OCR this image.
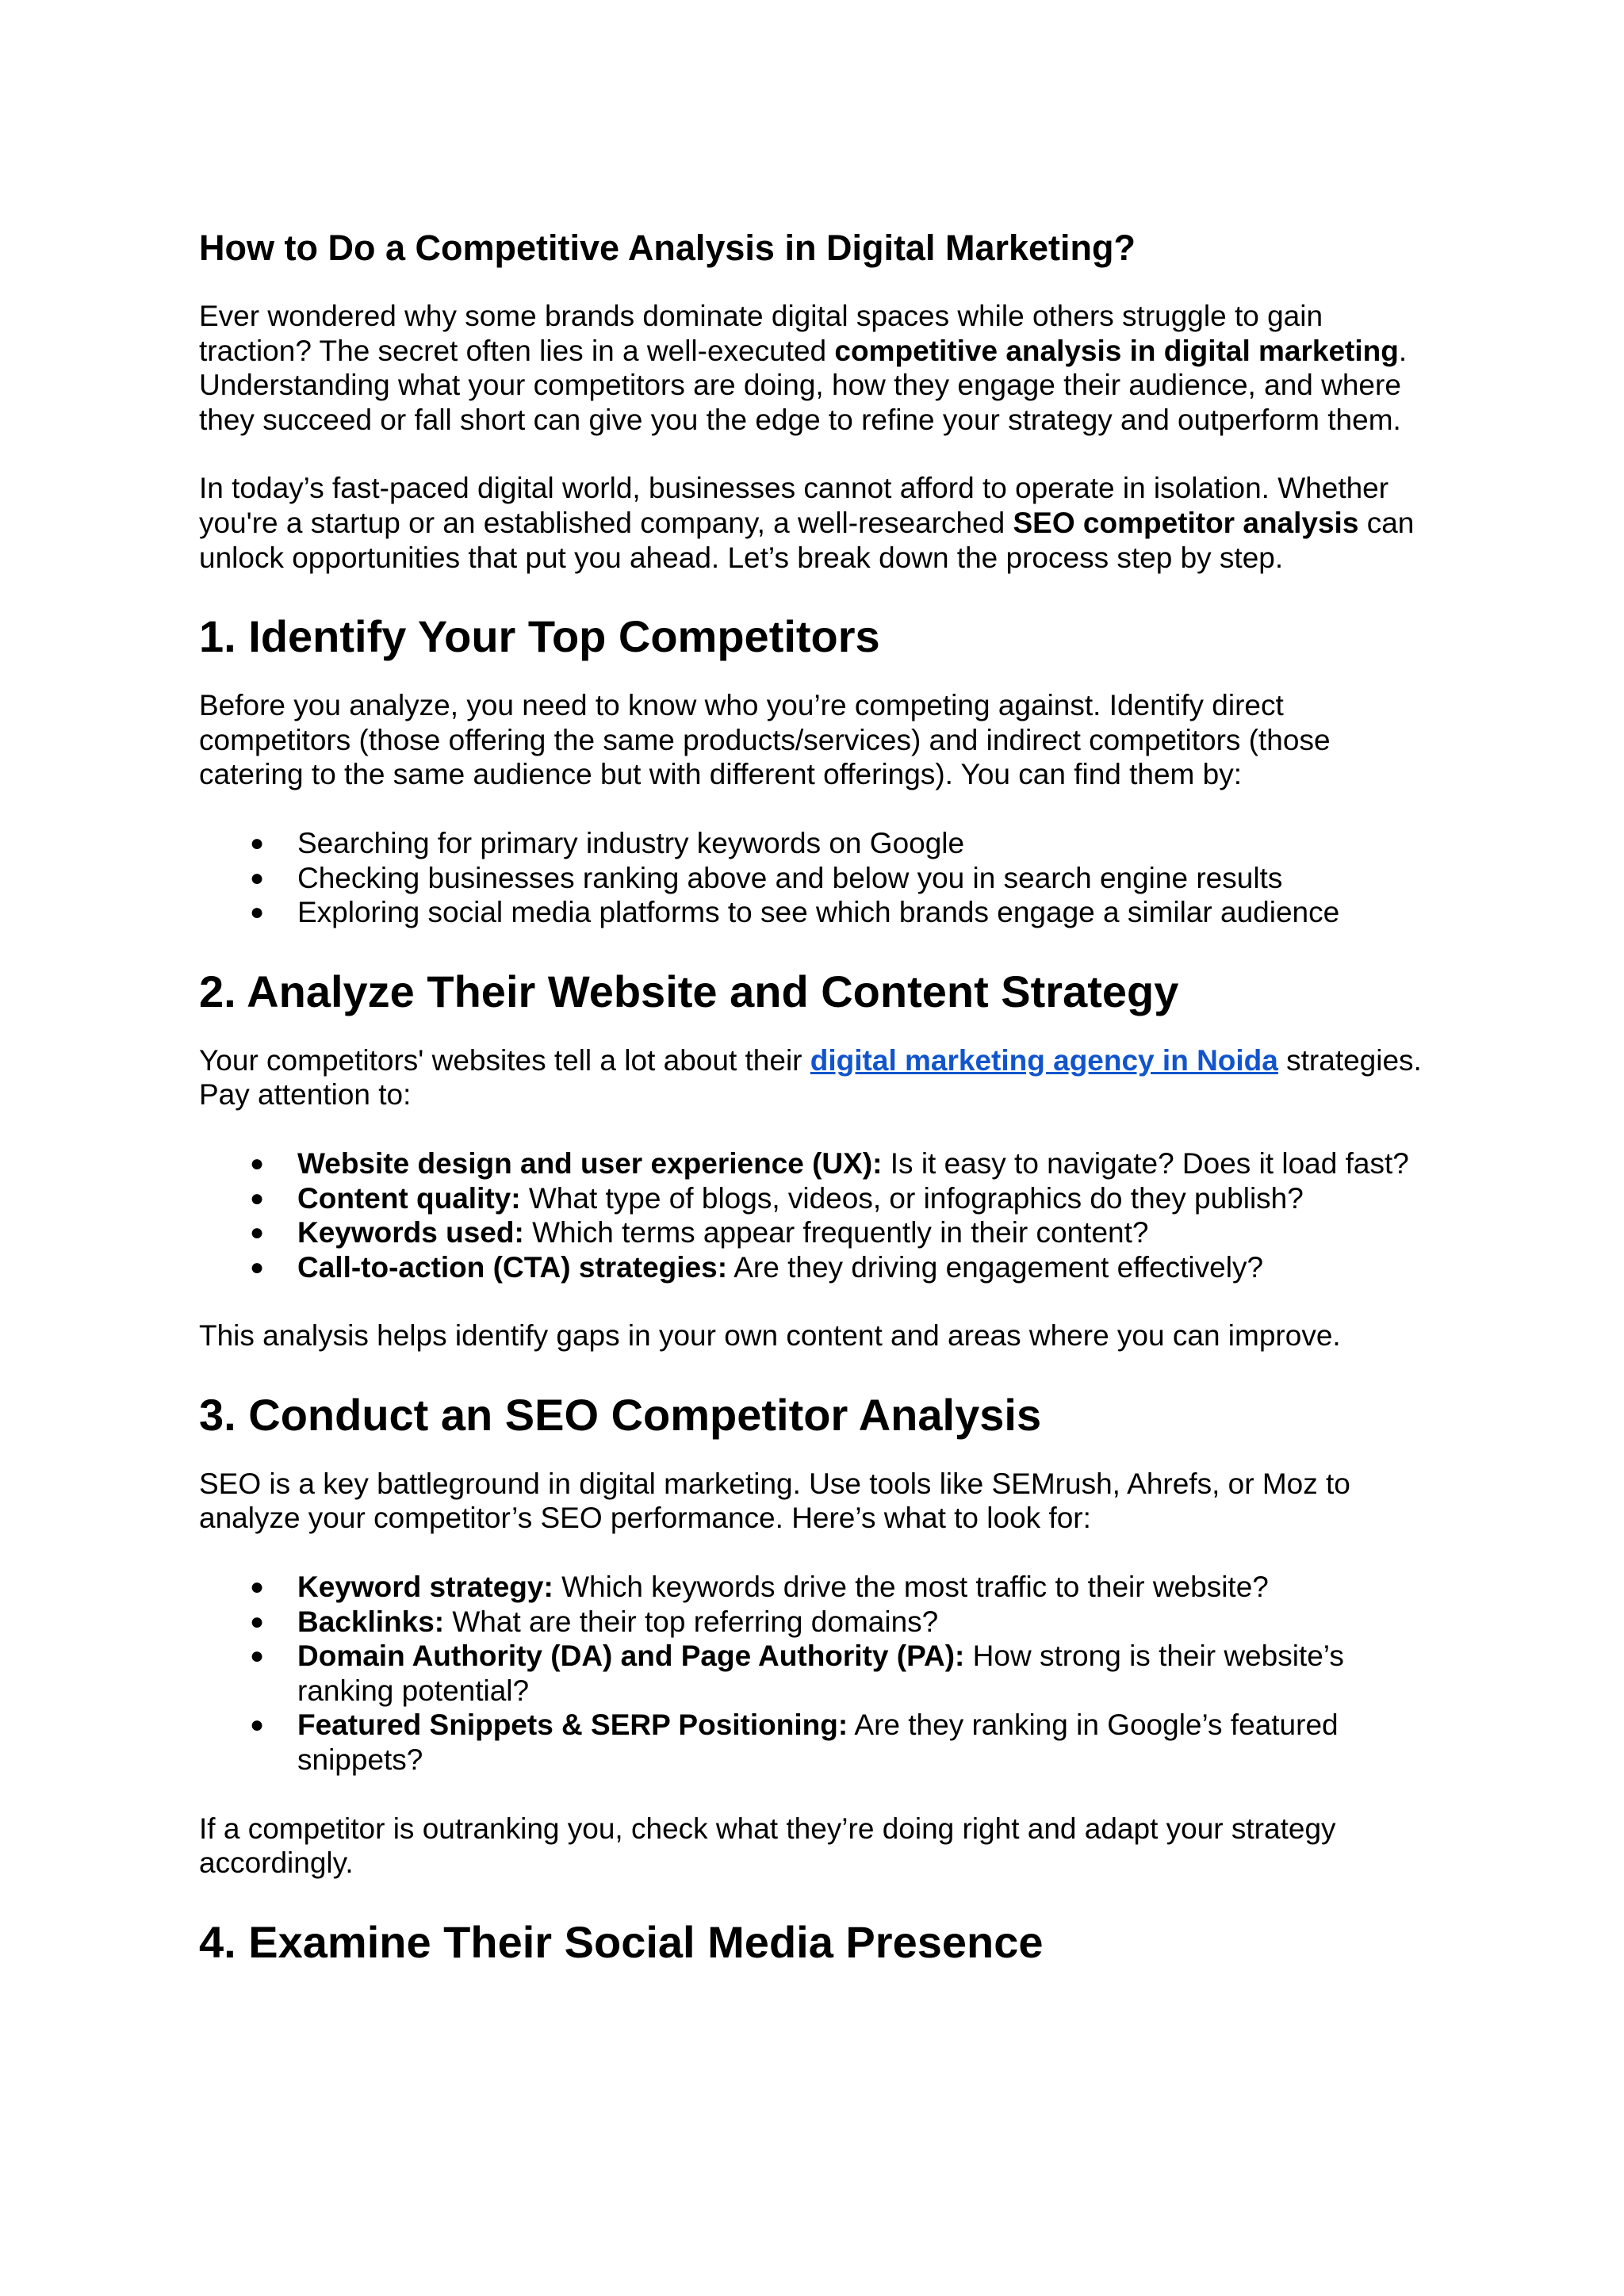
How to Do a Competitive Analysis in Digital Marketing?

Ever wondered why some brands dominate digital spaces while others struggle to gain traction? The secret often lies in a well-executed competitive analysis in digital marketing. Understanding what your competitors are doing, how they engage their audience, and where they succeed or fall short can give you the edge to refine your strategy and outperform them.

In today’s fast-paced digital world, businesses cannot afford to operate in isolation. Whether you're a startup or an established company, a well-researched SEO competitor analysis can unlock opportunities that put you ahead. Let’s break down the process step by step.

1. Identify Your Top Competitors

Before you analyze, you need to know who you’re competing against. Identify direct competitors (those offering the same products/services) and indirect competitors (those catering to the same audience but with different offerings). You can find them by:

● Searching for primary industry keywords on Google
● Checking businesses ranking above and below you in search engine results
● Exploring social media platforms to see which brands engage a similar audience
2. Analyze Their Website and Content Strategy

Your competitors' websites tell a lot about their digital marketing agency in Noida strategies. Pay attention to:

● Website design and user experience (UX): Is it easy to navigate? Does it load fast?
● Content quality: What type of blogs, videos, or infographics do they publish?
● Keywords used: Which terms appear frequently in their content?
● Call-to-action (CTA) strategies: Are they driving engagement effectively?

This analysis helps identify gaps in your own content and areas where you can improve.

3. Conduct an SEO Competitor Analysis

SEO is a key battleground in digital marketing. Use tools like SEMrush, Ahrefs, or Moz to analyze your competitor’s SEO performance. Here’s what to look for:

● Keyword strategy: Which keywords drive the most traffic to their website?
● Backlinks: What are their top referring domains?
● Domain Authority (DA) and Page Authority (PA): How strong is their website’s ranking potential?
● Featured Snippets & SERP Positioning: Are they ranking in Google’s featured snippets?

If a competitor is outranking you, check what they’re doing right and adapt your strategy accordingly.

4. Examine Their Social Media Presence
